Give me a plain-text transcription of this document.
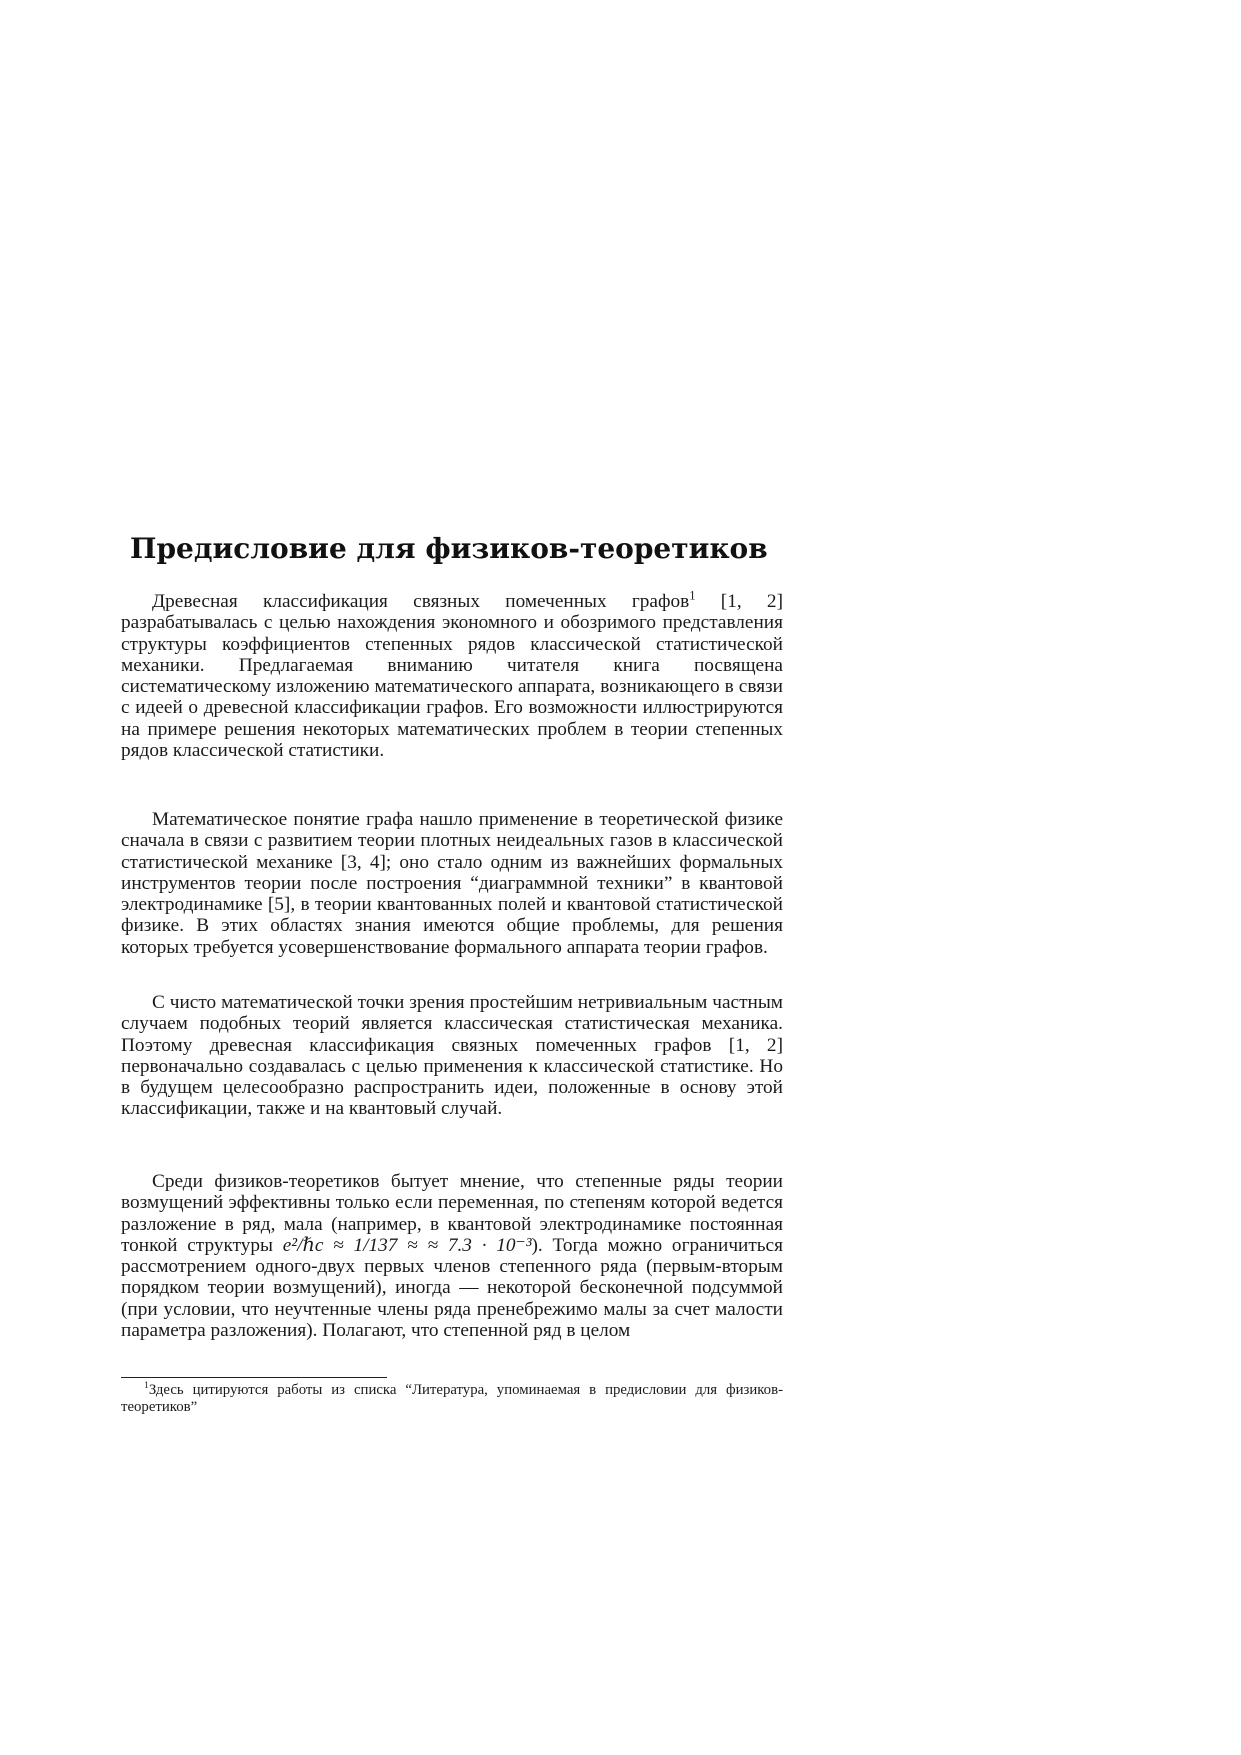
Предисловие для физиков-теоретиков

Древесная классификация связных помеченных графов$^1$ [1, 2] разрабатывалась с целью нахождения экономного и обозримого представления структуры коэффициентов степенных рядов классической статистической механики. Предлагаемая вниманию читателя книга посвящена систематическому изложению математического аппарата, возникающего в связи с идеей о древесной классификации графов. Его возможности иллюстрируются на примере решения некоторых математических проблем в теории степенных рядов классической статистики.

Математическое понятие графа нашло применение в теоретической физике сначала в связи с развитием теории плотных неидеальных газов в классической статистической механике [3, 4]; оно стало одним из важнейших формальных инструментов теории после построения “диаграммной техники” в квантовой электродинамике [5], в теории квантованных полей и квантовой статистической физике. В этих областях знания имеются общие проблемы, для решения которых требуется усовершенствование формального аппарата теории графов.

С чисто математической точки зрения простейшим нетривиальным частным случаем подобных теорий является классическая статистическая механика. Поэтому древесная классификация связных помеченных графов [1, 2] первоначально создавалась с целью применения к классической статистике. Но в будущем целесообразно распространить идеи, положенные в основу этой классификации, также и на квантовый случай.

Среди физиков-теоретиков бытует мнение, что степенные ряды теории возмущений эффективны только если переменная, по степеням которой ведется разложение в ряд, мала (например, в квантовой электродинамике постоянная тонкой структуры e²/ℏc ≈ 1/137 ≈ ≈ 7.3 · 10⁻³). Тогда можно ограничиться рассмотрением одного-двух первых членов степенного ряда (первым-вторым порядком теории возмущений), иногда — некоторой бесконечной подсуммой (при условии, что неучтенные члены ряда пренебрежимо малы за счет малости параметра разложения). Полагают, что степенной ряд в целом

$^1$Здесь цитируются работы из списка “Литература, упоминаемая в предисловии для физиков-теоретиков”
